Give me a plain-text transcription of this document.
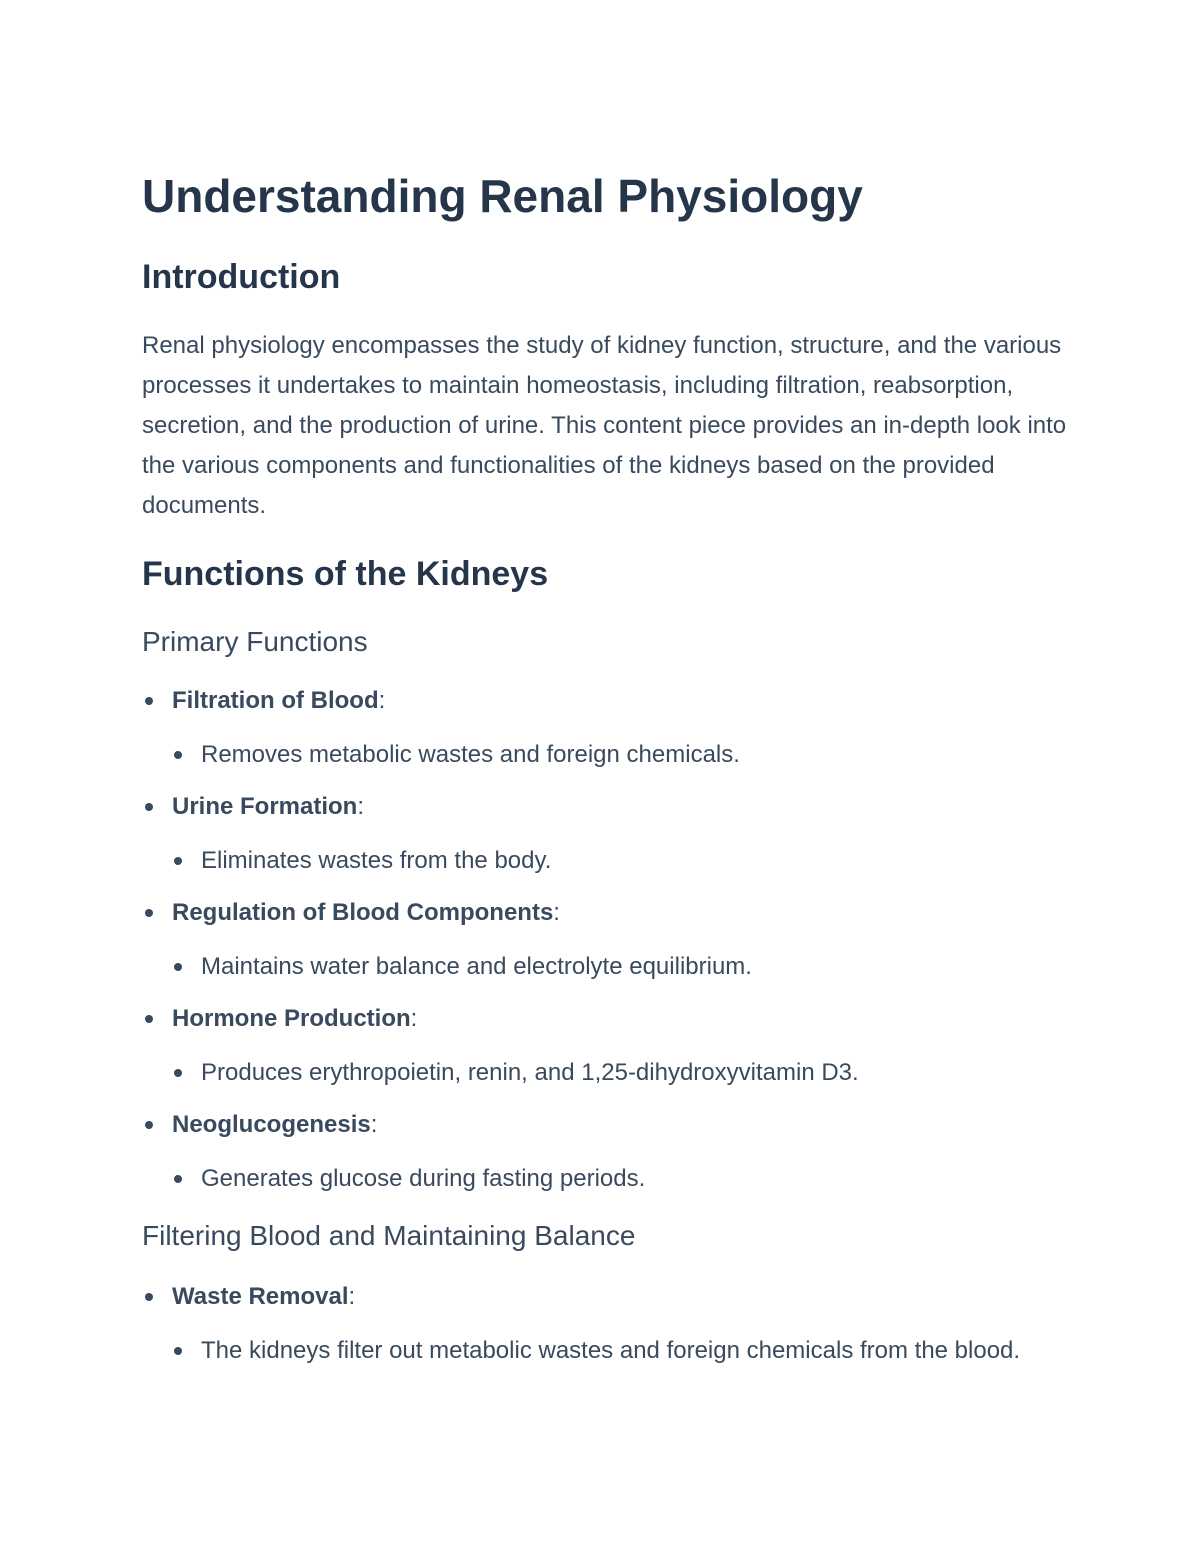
Understanding Renal Physiology
Introduction

Renal physiology encompasses the study of kidney function, structure, and the various processes it undertakes to maintain homeostasis, including filtration, reabsorption, secretion, and the production of urine. This content piece provides an in-depth look into the various components and functionalities of the kidneys based on the provided documents.

Functions of the Kidneys
Primary Functions
Filtration of Blood:
Removes metabolic wastes and foreign chemicals.
Urine Formation:
Eliminates wastes from the body.
Regulation of Blood Components:
Maintains water balance and electrolyte equilibrium.
Hormone Production:
Produces erythropoietin, renin, and 1,25-dihydroxyvitamin D3.
Neoglucogenesis:
Generates glucose during fasting periods.
Filtering Blood and Maintaining Balance
Waste Removal:
The kidneys filter out metabolic wastes and foreign chemicals from the blood.
